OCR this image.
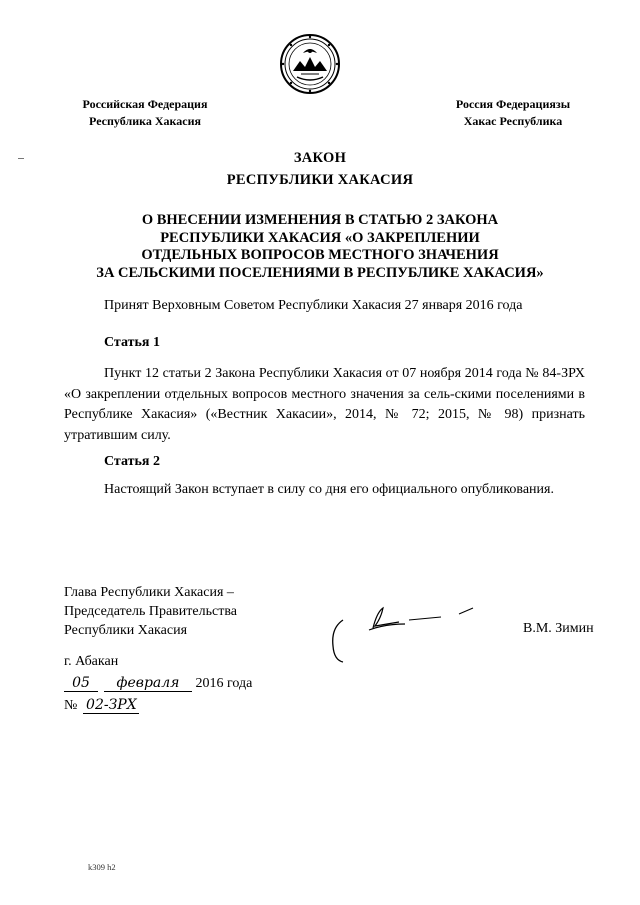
Российская Федерация
Республика Хакасия
Россия Федерациязы
Хакас Республика
ЗАКОН
РЕСПУБЛИКИ ХАКАСИЯ
О ВНЕСЕНИИ ИЗМЕНЕНИЯ В СТАТЬЮ 2 ЗАКОНА
РЕСПУБЛИКИ ХАКАСИЯ «О ЗАКРЕПЛЕНИИ
ОТДЕЛЬНЫХ ВОПРОСОВ МЕСТНОГО ЗНАЧЕНИЯ
ЗА СЕЛЬСКИМИ ПОСЕЛЕНИЯМИ В РЕСПУБЛИКЕ ХАКАСИЯ»
Принят Верховным Советом Республики Хакасия 27 января 2016 года
Статья 1
Пункт 12 статьи 2 Закона Республики Хакасия от 07 ноября 2014 года № 84-ЗРХ «О закреплении отдельных вопросов местного значения за сель-скими поселениями в Республике Хакасия» («Вестник Хакасии», 2014, № 72; 2015, № 98) признать утратившим силу.
Статья 2
Настоящий Закон вступает в силу со дня его официального опубликования.
Глава Республики Хакасия –
Председатель Правительства
Республики Хакасия	В.М. Зимин
г. Абакан
05 февраля 2016 года
№ 02-ЗРХ
k309 h2
